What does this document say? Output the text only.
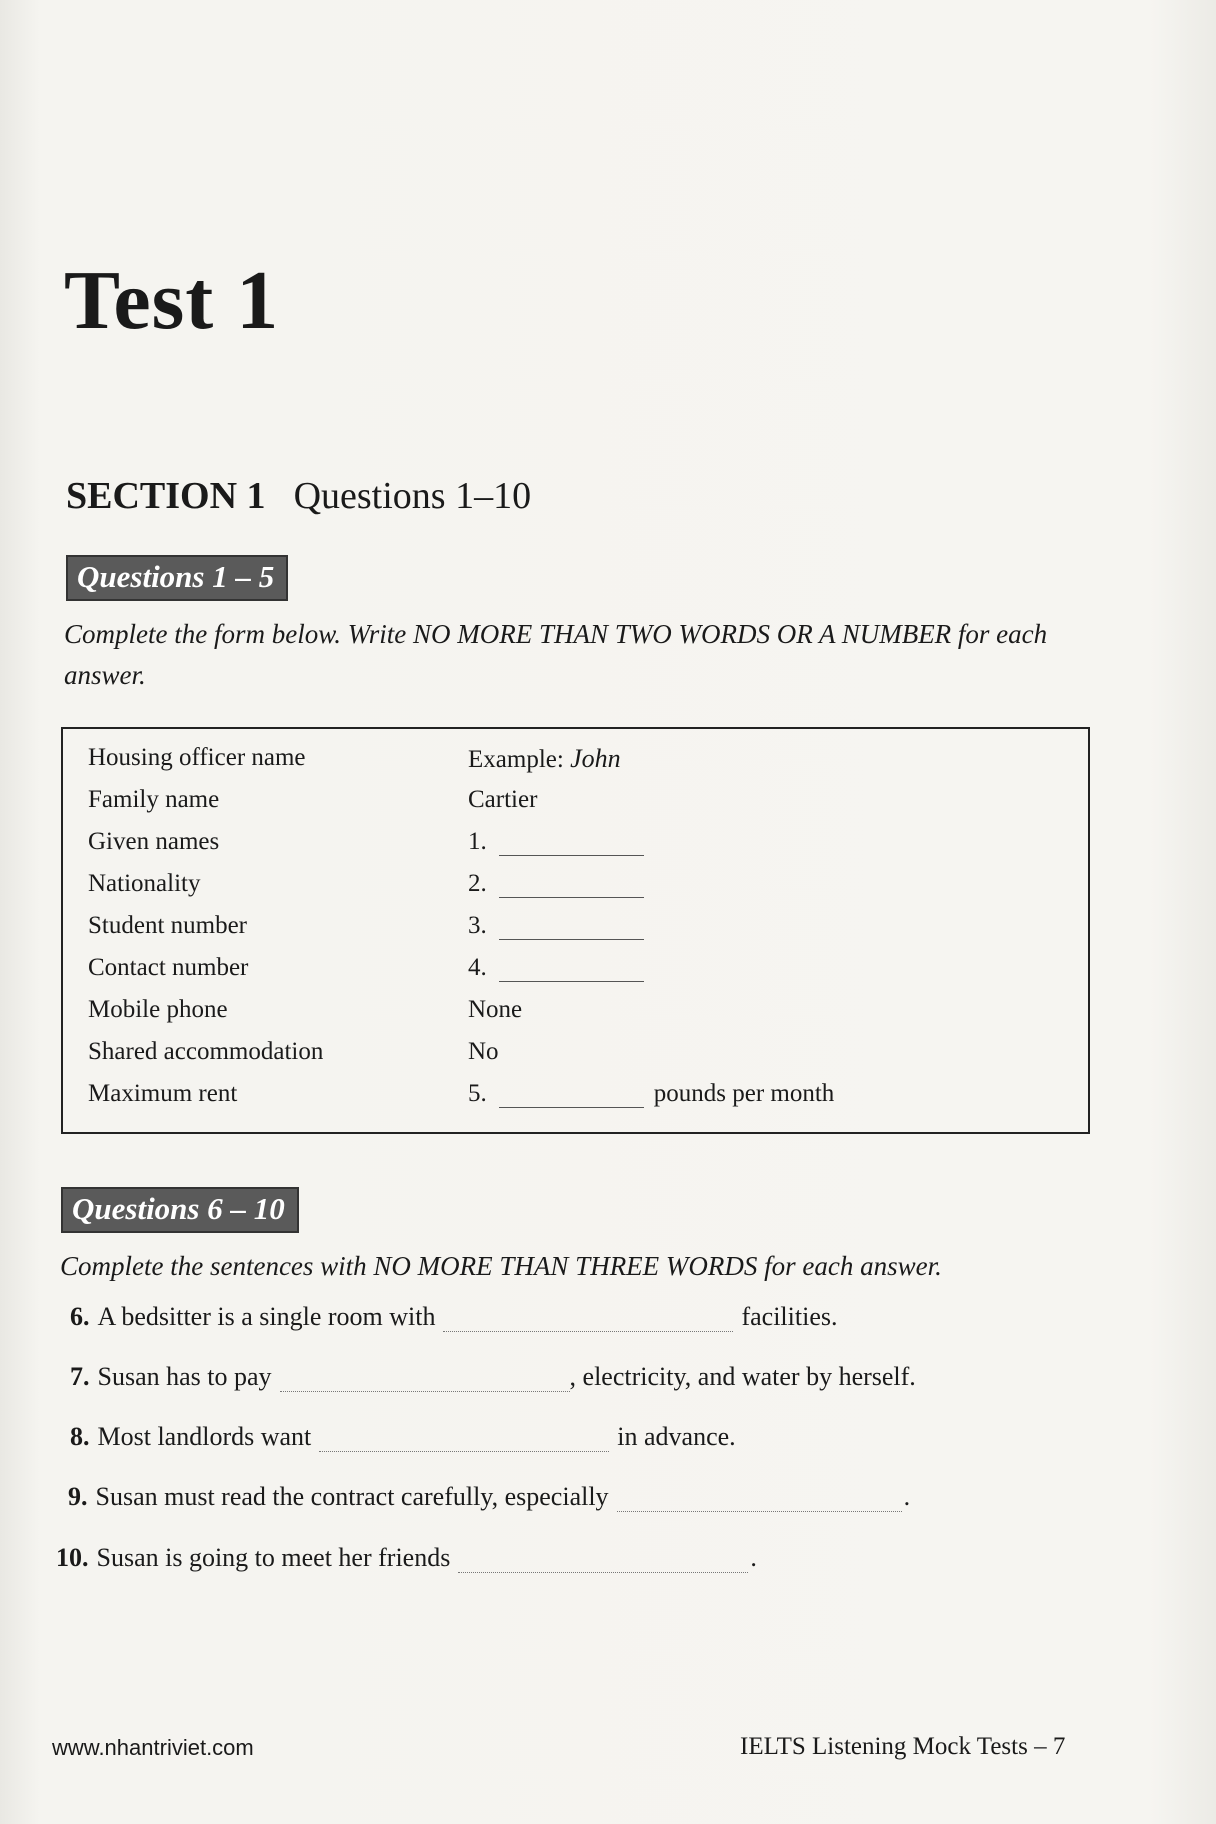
Test 1
SECTION 1 Questions 1–10
Questions 1 – 5
Complete the form below. Write NO MORE THAN TWO WORDS OR A NUMBER for each answer.
Housing officer name	Example: John
Family name	Cartier
Given names	1.
Nationality	2.
Student number	3.
Contact number	4.
Mobile phone	None
Shared accommodation	No
Maximum rent	5.	pounds per month
Questions 6 – 10
Complete the sentences with NO MORE THAN THREE WORDS for each answer.
6. A bedsitter is a single room with	facilities.
7. Susan has to pay	, electricity, and water by herself.
8. Most landlords want	in advance.
9. Susan must read the contract carefully, especially	.
10. Susan is going to meet her friends	.
www.nhantriviet.com	IELTS Listening Mock Tests – 7
